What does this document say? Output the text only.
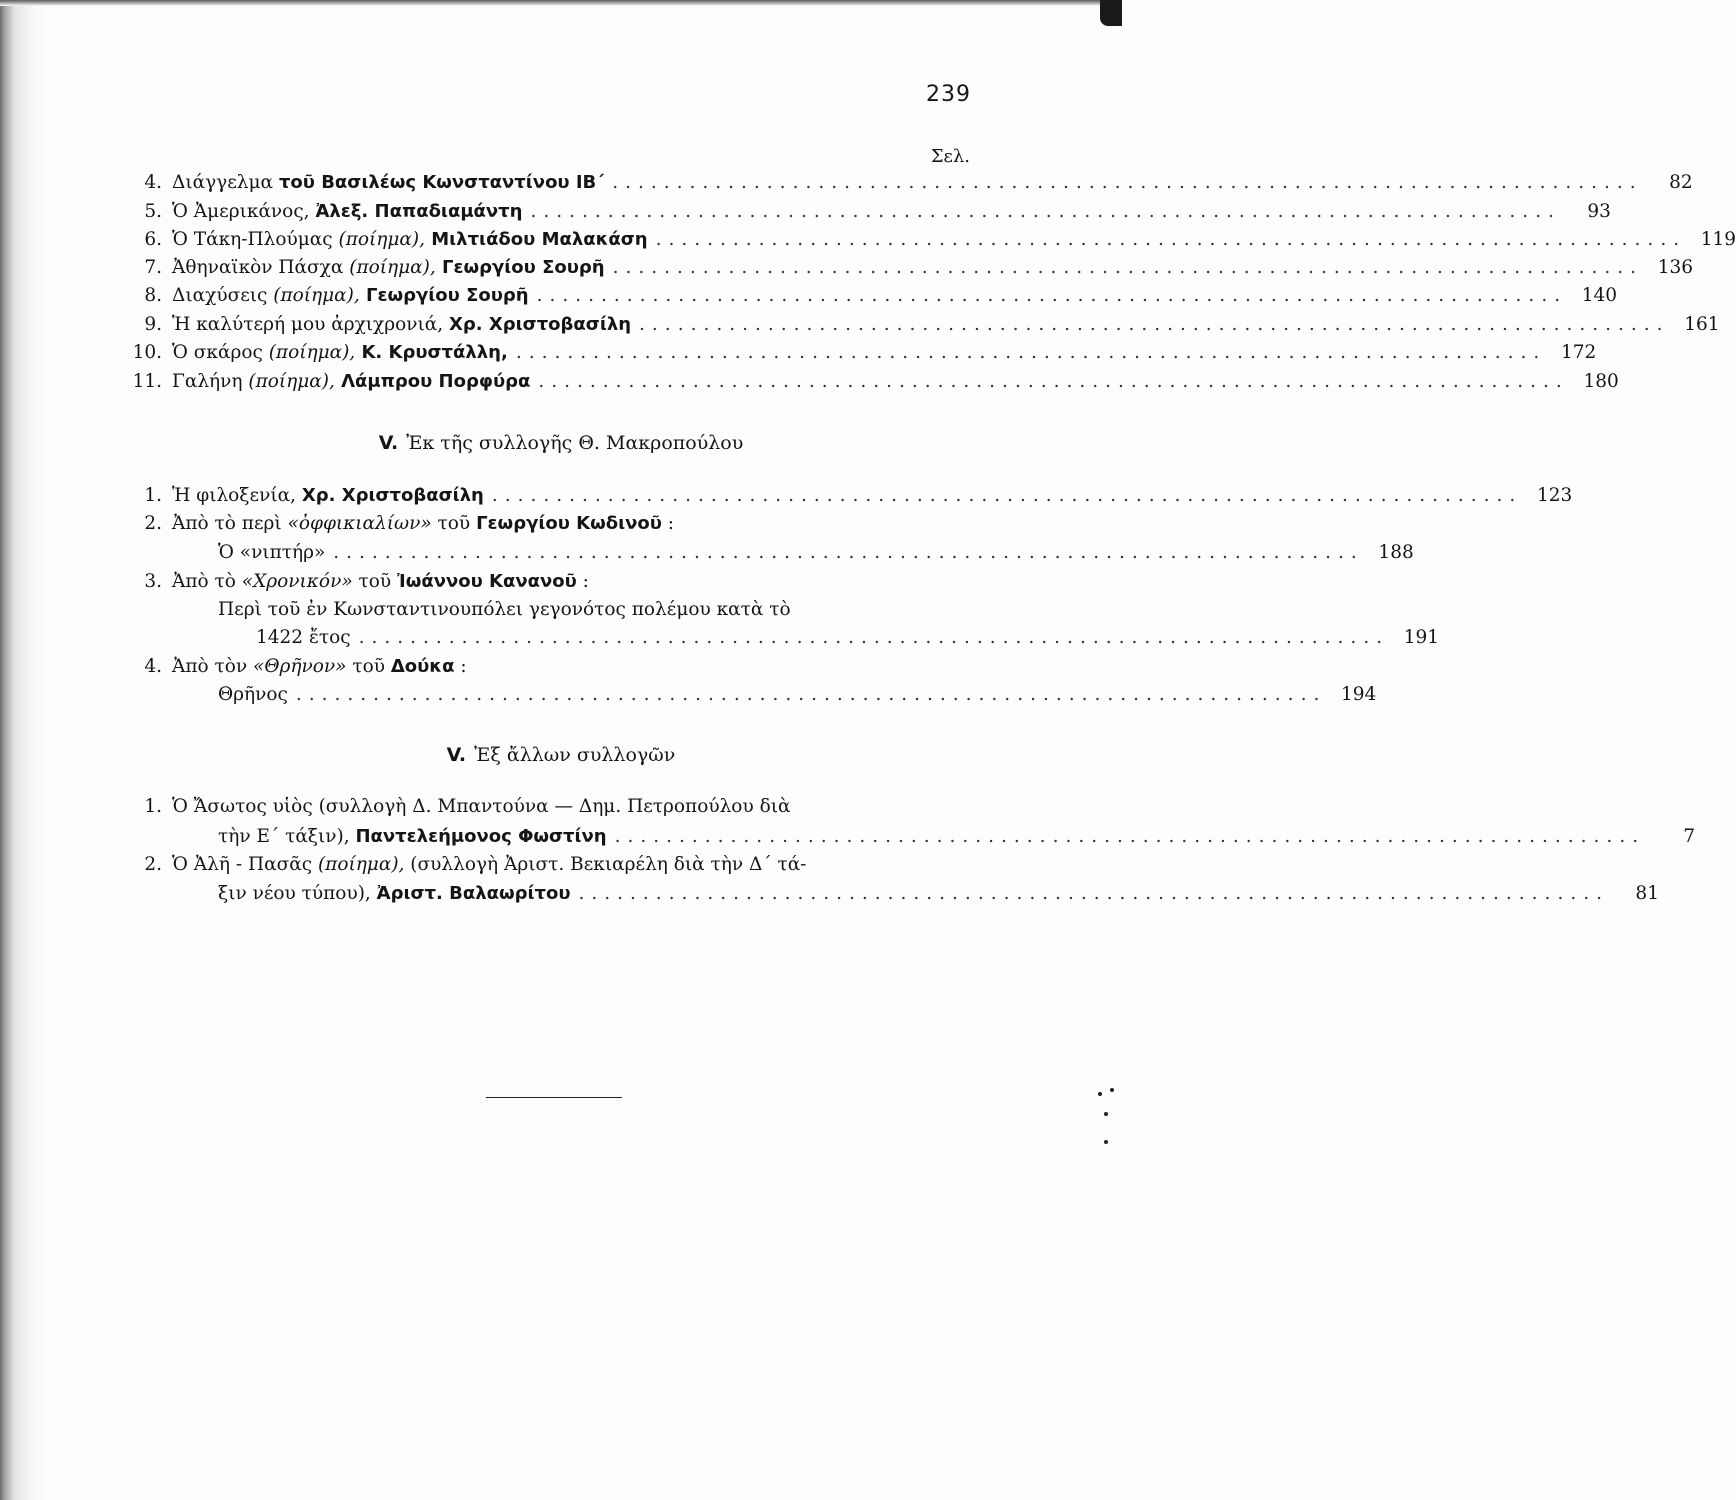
239
Σελ.
4. Διάγγελμα τοῦ Βασιλέως Κωνσταντίνου ΙΒ΄ ................................................................................	82
5. Ὁ Ἀμερικάνος, Ἀλεξ. Παπαδιαμάντη ................................................................................	93
6. Ὁ Τάκη-Πλούμας (ποίημα), Μιλτιάδου Μαλακάση ................................................................................ 119
7. Ἀθηναϊκὸν Πάσχα (ποίημα), Γεωργίου Σουρῆ ................................................................................ 136
8. Διαχύσεις (ποίημα), Γεωργίου Σουρῆ ................................................................................ 140
9. Ἡ καλύτερή μου ἀρχιχρονιά, Χρ. Χριστοβασίλη ................................................................................ 161
10. Ὁ σκάρος (ποίημα), Κ. Κρυστάλλη, ................................................................................ 172
11. Γαλήνη (ποίημα), Λάμπρου Πορφύρα ................................................................................ 180
V. Ἐκ τῆς συλλογῆς Θ. Μακροπούλου
1. Ἡ φιλοξενία, Χρ. Χριστοβασίλη ................................................................................ 123
2. Ἀπὸ τὸ περὶ «ὀφφικιαλίων» τοῦ Γεωργίου Κωδινοῦ :
Ὁ «νιπτήρ» ................................................................................ 188
3. Ἀπὸ τὸ «Χρονικόν» τοῦ Ἰωάννου Κανανοῦ :
Περὶ τοῦ ἐν Κωνσταντινουπόλει γεγονότος πολέμου κατὰ τὸ
1422 ἔτος ................................................................................ 191
4. Ἀπὸ τὸν «Θρῆνον» τοῦ Δούκα :
Θρῆνος ................................................................................ 194
V. Ἐξ ἄλλων συλλογῶν
1. Ὁ Ἄσωτος υἱὸς (συλλογὴ Δ. Μπαντούνα — Δημ. Πετροπούλου διὰ
τὴν Ε΄ τάξιν), Παντελεήμονος Φωστίνη ................................................................................	7
2. Ὁ Ἀλῆ - Πασᾶς (ποίημα), (συλλογὴ Ἀριστ. Βεκιαρέλη διὰ τὴν Δ΄ τά-
ξιν νέου τύπου), Ἀριστ. Βαλαωρίτου ................................................................................	81
